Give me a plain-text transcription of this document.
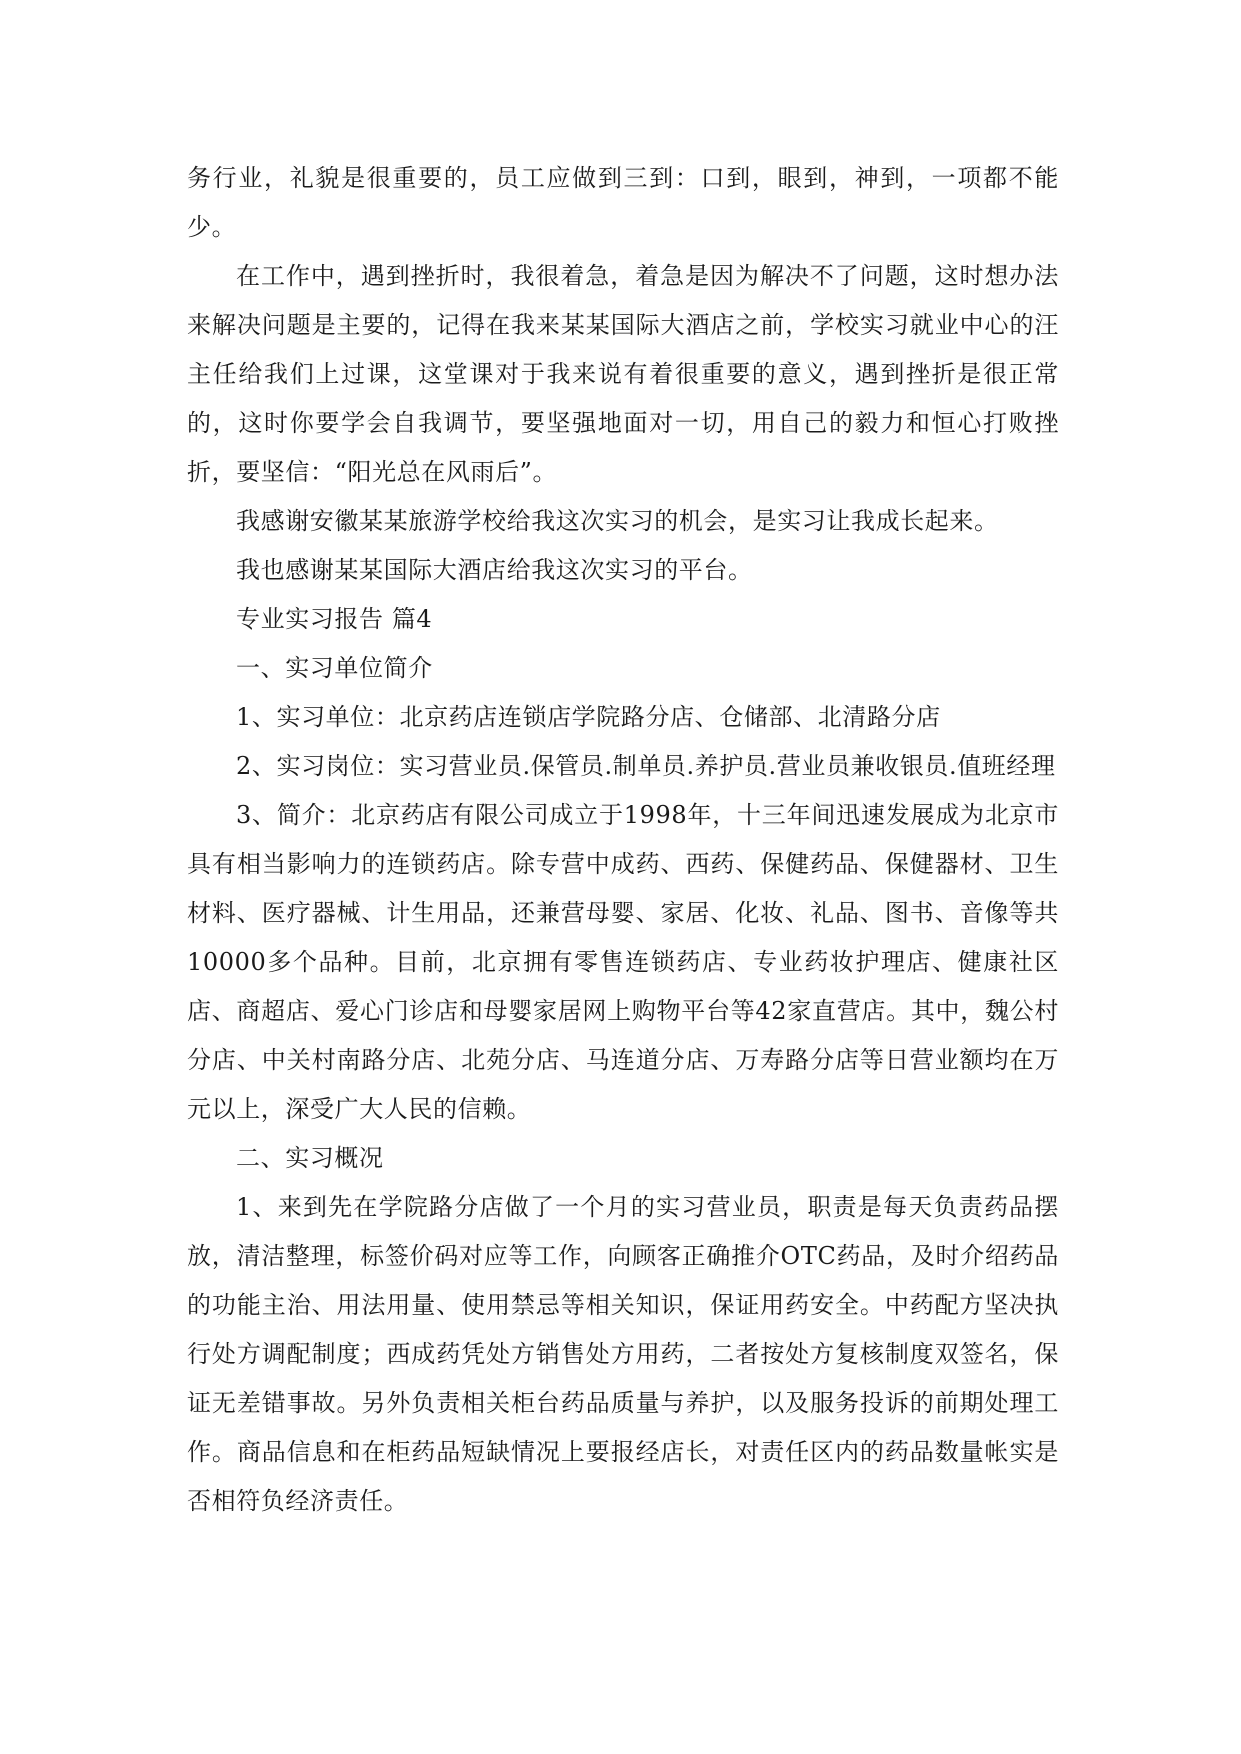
务行业，礼貌是很重要的，员工应做到三到：口到，眼到，神到，一项都不能少。

在工作中，遇到挫折时，我很着急，着急是因为解决不了问题，这时想办法来解决问题是主要的，记得在我来某某国际大酒店之前，学校实习就业中心的汪主任给我们上过课，这堂课对于我来说有着很重要的意义，遇到挫折是很正常的，这时你要学会自我调节，要坚强地面对一切，用自己的毅力和恒心打败挫折，要坚信：“阳光总在风雨后”。

我感谢安徽某某旅游学校给我这次实习的机会，是实习让我成长起来。

我也感谢某某国际大酒店给我这次实习的平台。

专业实习报告 篇4

一、实习单位简介

1、实习单位：北京药店连锁店学院路分店、仓储部、北清路分店

2、实习岗位：实习营业员.保管员.制单员.养护员.营业员兼收银员.值班经理

3、简介：北京药店有限公司成立于1998年，十三年间迅速发展成为北京市具有相当影响力的连锁药店。除专营中成药、西药、保健药品、保健器材、卫生材料、医疗器械、计生用品，还兼营母婴、家居、化妆、礼品、图书、音像等共10000多个品种。目前，北京拥有零售连锁药店、专业药妆护理店、健康社区店、商超店、爱心门诊店和母婴家居网上购物平台等42家直营店。其中，魏公村分店、中关村南路分店、北苑分店、马连道分店、万寿路分店等日营业额均在万元以上，深受广大人民的信赖。

二、实习概况

1、来到先在学院路分店做了一个月的实习营业员，职责是每天负责药品摆放，清洁整理，标签价码对应等工作，向顾客正确推介OTC药品，及时介绍药品的功能主治、用法用量、使用禁忌等相关知识，保证用药安全。中药配方坚决执行处方调配制度；西成药凭处方销售处方用药，二者按处方复核制度双签名，保证无差错事故。另外负责相关柜台药品质量与养护，以及服务投诉的前期处理工作。商品信息和在柜药品短缺情况上要报经店长，对责任区内的药品数量帐实是否相符负经济责任。
